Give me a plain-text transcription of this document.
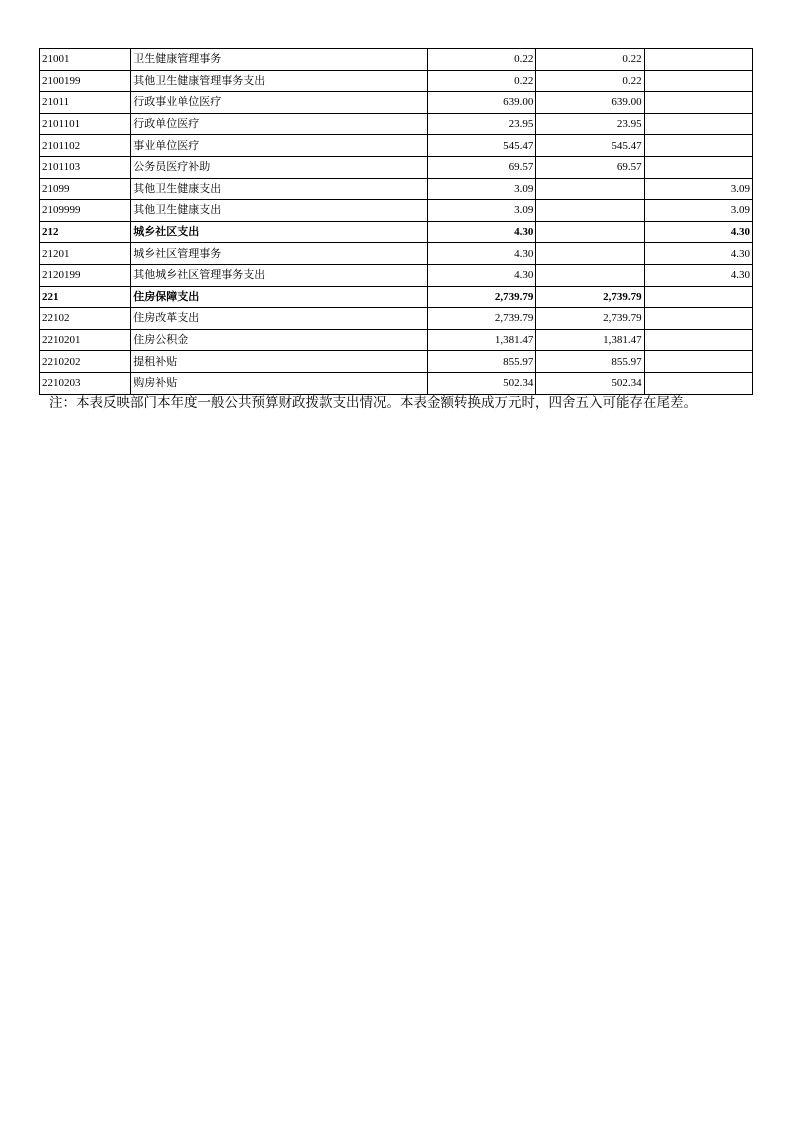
21001	卫生健康管理事务	0.22	0.22	
2100199	其他卫生健康管理事务支出	0.22	0.22	
21011	行政事业单位医疗	639.00	639.00	
2101101	行政单位医疗	23.95	23.95	
2101102	事业单位医疗	545.47	545.47	
2101103	公务员医疗补助	69.57	69.57	
21099	其他卫生健康支出	3.09		3.09
2109999	其他卫生健康支出	3.09		3.09
212	城乡社区支出	4.30		4.30
21201	城乡社区管理事务	4.30		4.30
2120199	其他城乡社区管理事务支出	4.30		4.30
221	住房保障支出	2,739.79	2,739.79	
22102	住房改革支出	2,739.79	2,739.79	
2210201	住房公积金	1,381.47	1,381.47	
2210202	提租补贴	855.97	855.97	
2210203	购房补贴	502.34	502.34	
注：本表反映部门本年度一般公共预算财政拨款支出情况。本表金额转换成万元时，四舍五入可能存在尾差。
